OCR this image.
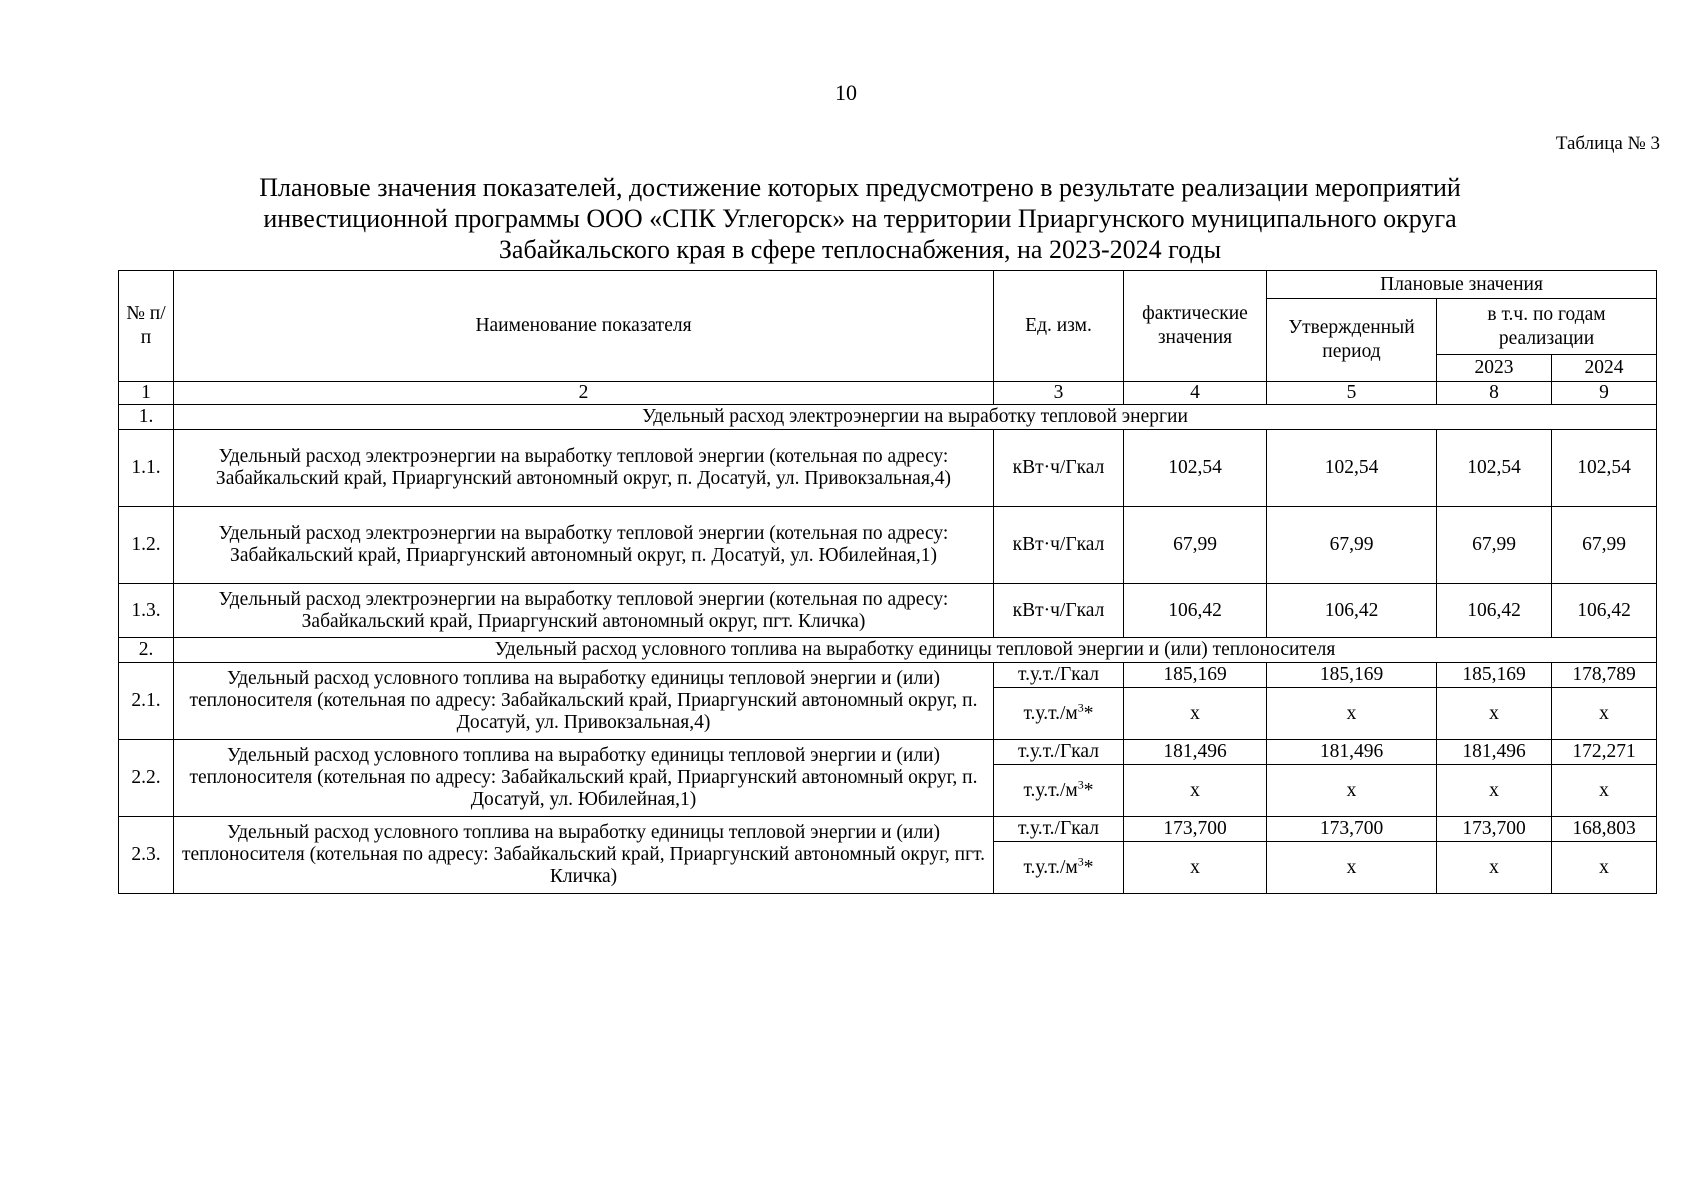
10
Таблица № 3
Плановые значения показателей, достижение которых предусмотрено в результате реализации мероприятий
инвестиционной программы ООО «СПК Углегорск» на территории Приаргунского муниципального округа
Забайкальского края в сфере теплоснабжения, на 2023-2024 годы
№ п/п	Наименование показателя	Ед. изм.	фактические значения	Плановые значения		
				Утвержденный период	в т.ч. по годам реализации	
					2023	2024
1	2	3	4	5	8	9
1.	Удельный расход электроэнергии на выработку тепловой энергии					
1.1.	Удельный расход электроэнергии на выработку тепловой энергии (котельная по адресу: Забайкальский край, Приаргунский автономный округ, п. Досатуй, ул. Привокзальная,4)	кВт·ч/Гкал	102,54	102,54	102,54	102,54
1.2.	Удельный расход электроэнергии на выработку тепловой энергии (котельная по адресу: Забайкальский край, Приаргунский автономный округ, п. Досатуй, ул. Юбилейная,1)	кВт·ч/Гкал	67,99	67,99	67,99	67,99
1.3.	Удельный расход электроэнергии на выработку тепловой энергии (котельная по адресу: Забайкальский край, Приаргунский автономный округ, пгт. Кличка)	кВт·ч/Гкал	106,42	106,42	106,42	106,42
2.	Удельный расход условного топлива на выработку единицы тепловой энергии и (или) теплоносителя					
2.1.	Удельный расход условного топлива на выработку единицы тепловой энергии и (или) теплоносителя (котельная по адресу: Забайкальский край, Приаргунский автономный округ, п. Досатуй, ул. Привокзальная,4)	т.у.т./Гкал	185,169	185,169	185,169	178,789
		$т.у.т./м^3*$	х	х	х	х
2.2.	Удельный расход условного топлива на выработку единицы тепловой энергии и (или) теплоносителя (котельная по адресу: Забайкальский край, Приаргунский автономный округ, п. Досатуй, ул. Юбилейная,1)	т.у.т./Гкал	181,496	181,496	181,496	172,271
		$т.у.т./м^3*$	х	х	х	х
2.3.	Удельный расход условного топлива на выработку единицы тепловой энергии и (или) теплоносителя (котельная по адресу: Забайкальский край, Приаргунский автономный округ, пгт. Кличка)	т.у.т./Гкал	173,700	173,700	173,700	168,803
		$т.у.т./м^3*$	х	х	х	х
